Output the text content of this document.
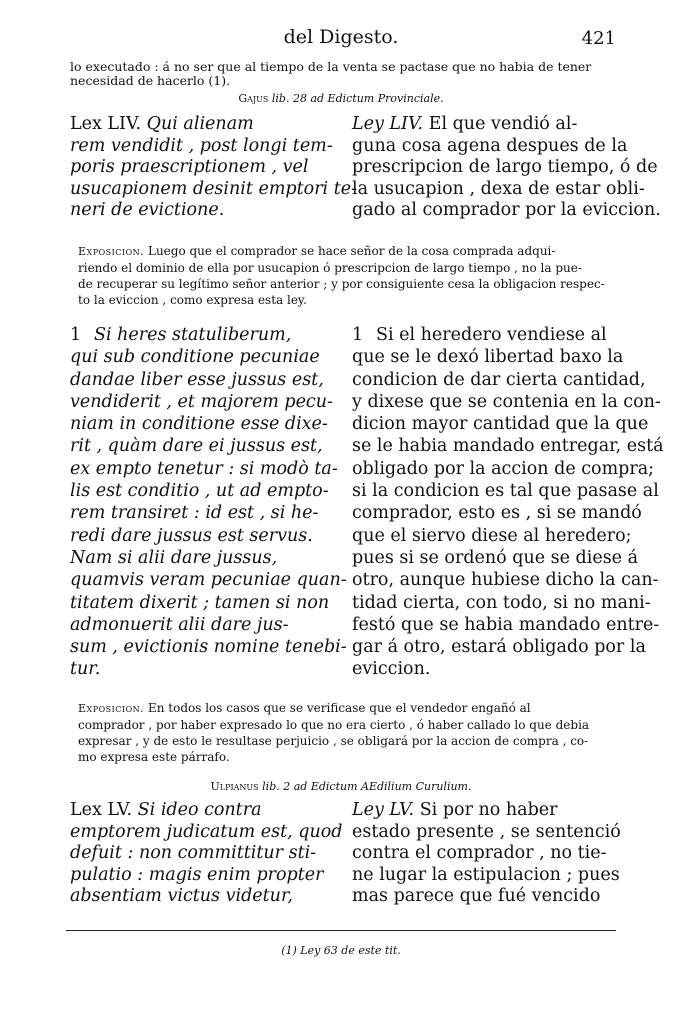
del Digesto.	421
lo executado : á no ser que al tiempo de la venta se pactase que no habia de tener
necesidad de hacerlo (1).
Gajus lib. 28 ad Edictum Provinciale.
Lex LIV. Qui alienam
rem vendidit , post longi tem-
poris praescriptionem , vel
usucapionem desinit emptori te-
neri de evictione.
Ley LIV. El que vendió al-
guna cosa agena despues de la
prescripcion de largo tiempo, ó de
la usucapion , dexa de estar obli-
gado al comprador por la eviccion.
Exposicion. Luego que el comprador se hace señor de la cosa comprada adqui-
riendo el dominio de ella por usucapion ó prescripcion de largo tiempo , no la pue-
de recuperar su legítimo señor anterior ; y por consiguiente cesa la obligacion respec-
to la eviccion , como expresa esta ley.
1 Si heres statuliberum,
qui sub conditione pecuniae
dandae liber esse jussus est,
vendiderit , et majorem pecu-
niam in conditione esse dixe-
rit , quàm dare ei jussus est,
ex empto tenetur : si modò ta-
lis est conditio , ut ad empto-
rem transiret : id est , si he-
redi dare jussus est servus.
Nam si alii dare jussus,
quamvis veram pecuniae quan-
titatem dixerit ; tamen si non
admonuerit alii dare jus-
sum , evictionis nomine tenebi-
tur.
1 Si el heredero vendiese al
que se le dexó libertad baxo la
condicion de dar cierta cantidad,
y dixese que se contenia en la con-
dicion mayor cantidad que la que
se le habia mandado entregar, está
obligado por la accion de compra;
si la condicion es tal que pasase al
comprador, esto es , si se mandó
que el siervo diese al heredero;
pues si se ordenó que se diese á
otro, aunque hubiese dicho la can-
tidad cierta, con todo, si no mani-
festó que se habia mandado entre-
gar á otro, estará obligado por la
eviccion.
Exposicion. En todos los casos que se verificase que el vendedor engañó al
comprador , por haber expresado lo que no era cierto , ó haber callado lo que debia
expresar , y de esto le resultase perjuicio , se obligará por la accion de compra , co-
mo expresa este párrafo.
Ulpianus lib. 2 ad Edictum AEdilium Curulium.
Lex LV. Si ideo contra
emptorem judicatum est, quod
defuit : non committitur sti-
pulatio : magis enim propter
absentiam victus videtur,
Ley LV. Si por no haber
estado presente , se sentenció
contra el comprador , no tie-
ne lugar la estipulacion ; pues
mas parece que fué vencido
(1) Ley 63 de este tit.
